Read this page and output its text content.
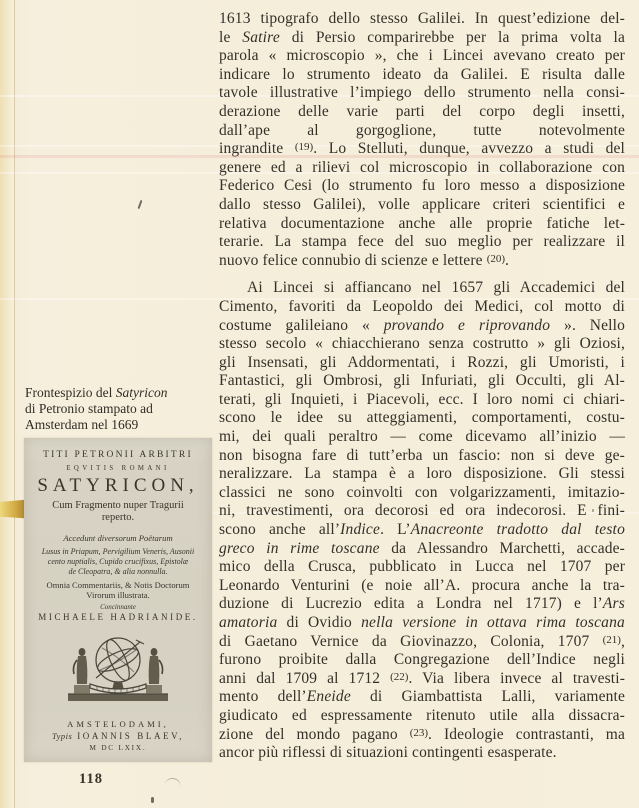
1613 tipografo dello stesso Galilei. In quest’edizione del-
le Satire di Persio comparirebbe per la prima volta la
parola « microscopio », che i Lincei avevano creato per
indicare lo strumento ideato da Galilei. E risulta dalle
tavole illustrative l’impiego dello strumento nella consi-
derazione delle varie parti del corpo degli insetti,
dall’ape al gorgoglione, tutte notevolmente
ingrandite $^{(19)}$. Lo Stelluti, dunque, avvezzo a studi del
genere ed a rilievi col microscopio in collaborazione con
Federico Cesi (lo strumento fu loro messo a disposizione
dallo stesso Galilei), volle applicare criteri scientifici e
relativa documentazione anche alle proprie fatiche let-
terarie. La stampa fece del suo meglio per realizzare il
nuovo felice connubio di scienze e lettere $^{(20)}$.
Ai Lincei si affiancano nel 1657 gli Accademici del
Cimento, favoriti da Leopoldo dei Medici, col motto di
costume galileiano « provando e riprovando ». Nello
stesso secolo « chiacchierano senza costrutto » gli Oziosi,
gli Insensati, gli Addormentati, i Rozzi, gli Umoristi, i
Fantastici, gli Ombrosi, gli Infuriati, gli Occulti, gli Al-
terati, gli Inquieti, i Piacevoli, ecc. I loro nomi ci chiari-
scono le idee su atteggiamenti, comportamenti, costu-
mi, dei quali peraltro — come dicevamo all’inizio —
non bisogna fare di tutt’erba un fascio: non si deve ge-
neralizzare. La stampa è a loro disposizione. Gli stessi
classici ne sono coinvolti con volgarizzamenti, imitazio-
ni, travestimenti, ora decorosi ed ora indecorosi. E fini-
scono anche all’Indice. L’Anacreonte tradotto dal testo
greco in rime toscane da Alessandro Marchetti, accade-
mico della Crusca, pubblicato in Lucca nel 1707 per
Leonardo Venturini (e noie all’A. procura anche la tra-
duzione di Lucrezio edita a Londra nel 1717) e l’Ars
amatoria di Ovidio nella versione in ottava rima toscana
di Gaetano Vernice da Giovinazzo, Colonia, 1707 $^{(21)}$,
furono proibite dalla Congregazione dell’Indice negli
anni dal 1709 al 1712 $^{(22)}$. Via libera invece al travesti-
mento dell’Eneide di Giambattista Lalli, variamente
giudicato ed espressamente ritenuto utile alla dissacra-
zione del mondo pagano $^{(23)}$. Ideologie contrastanti, ma
ancor più riflessi di situazioni contingenti esasperate.
Frontespizio del Satyricon
di Petronio stampato ad
Amsterdam nel 1669
TITI PETRONII ARBITRI
EQVITIS ROMANI
SATYRICON,
Cum Fragmento nuper Tragurii
reperto.
Accedunt diversorum Poëtarum
Lusus in Priapum, Pervigilium Veneris, Ausonii
cento nuptialis, Cupido crucifixus, Epistolæ
de Cleopatra, & alia nonnulla.
Omnia Commentariis, & Notis Doctorum
Virorum illustrata.
Concinnante
MICHAELE HADRIANIDE.
AMSTELODAMI,
Typis IOANNIS BLAEV,
M DC LXIX.
118
